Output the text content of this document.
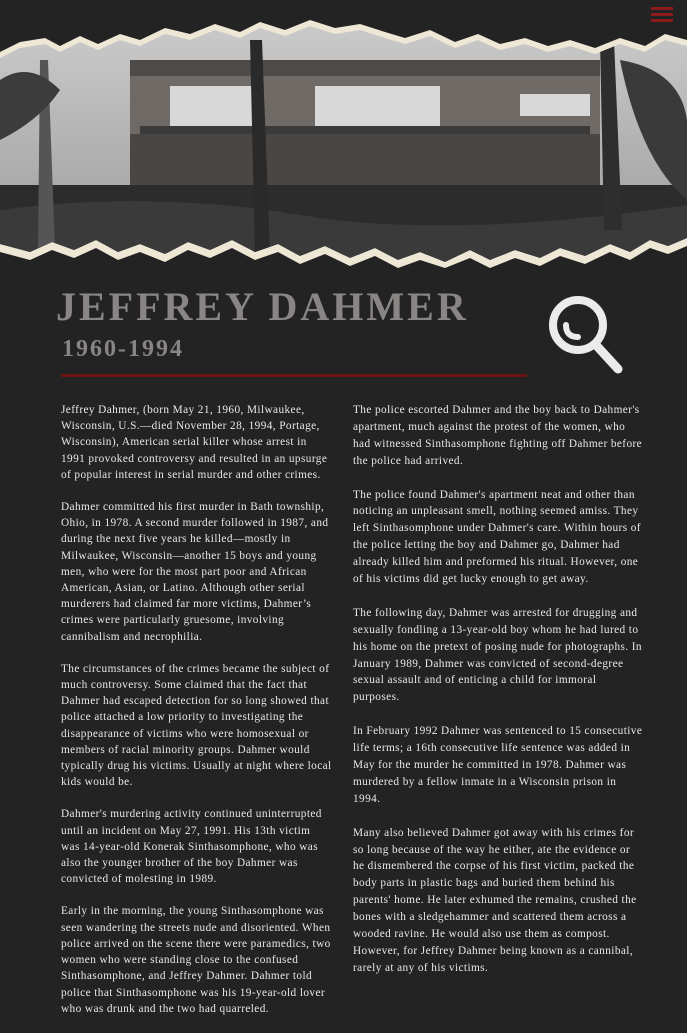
JEFFREY DAHMER
1960-1994

Jeffrey Dahmer, (born May 21, 1960, Milwaukee, Wisconsin, U.S.—died November 28, 1994, Portage, Wisconsin), American serial killer whose arrest in 1991 provoked controversy and resulted in an upsurge of popular interest in serial murder and other crimes.

Dahmer committed his first murder in Bath township, Ohio, in 1978. A second murder followed in 1987, and during the next five years he killed—mostly in Milwaukee, Wisconsin—another 15 boys and young men, who were for the most part poor and African American, Asian, or Latino. Although other serial murderers had claimed far more victims, Dahmer’s crimes were particularly gruesome, involving cannibalism and necrophilia.

The circumstances of the crimes became the subject of much controversy. Some claimed that the fact that Dahmer had escaped detection for so long showed that police attached a low priority to investigating the disappearance of victims who were homosexual or members of racial minority groups. Dahmer would typically drug his victims. Usually at night where local kids would be.

Dahmer's murdering activity continued uninterrupted until an incident on May 27, 1991. His 13th victim was 14-year-old Konerak Sinthasomphone, who was also the younger brother of the boy Dahmer was convicted of molesting in 1989.

Early in the morning, the young Sinthasomphone was seen wandering the streets nude and disoriented. When police arrived on the scene there were paramedics, two women who were standing close to the confused Sinthasomphone, and Jeffrey Dahmer. Dahmer told police that Sinthasomphone was his 19-year-old lover who was drunk and the two had quarreled.

The police escorted Dahmer and the boy back to Dahmer's apartment, much against the protest of the women, who had witnessed Sinthasomphone fighting off Dahmer before the police had arrived.

The police found Dahmer's apartment neat and other than noticing an unpleasant smell, nothing seemed amiss. They left Sinthasomphone under Dahmer's care. Within hours of the police letting the boy and Dahmer go, Dahmer had already killed him and preformed his ritual. However, one of his victims did get lucky enough to get away.

The following day, Dahmer was arrested for drugging and sexually fondling a 13-year-old boy whom he had lured to his home on the pretext of posing nude for photographs. In January 1989, Dahmer was convicted of second-degree sexual assault and of enticing a child for immoral purposes.

In February 1992 Dahmer was sentenced to 15 consecutive life terms; a 16th consecutive life sentence was added in May for the murder he committed in 1978. Dahmer was murdered by a fellow inmate in a Wisconsin prison in 1994.

Many also believed Dahmer got away with his crimes for so long because of the way he either, ate the evidence or he dismembered the corpse of his first victim, packed the body parts in plastic bags and buried them behind his parents' home. He later exhumed the remains, crushed the bones with a sledgehammer and scattered them across a wooded ravine. He would also use them as compost. However, for Jeffrey Dahmer being known as a cannibal, rarely at any of his victims.
